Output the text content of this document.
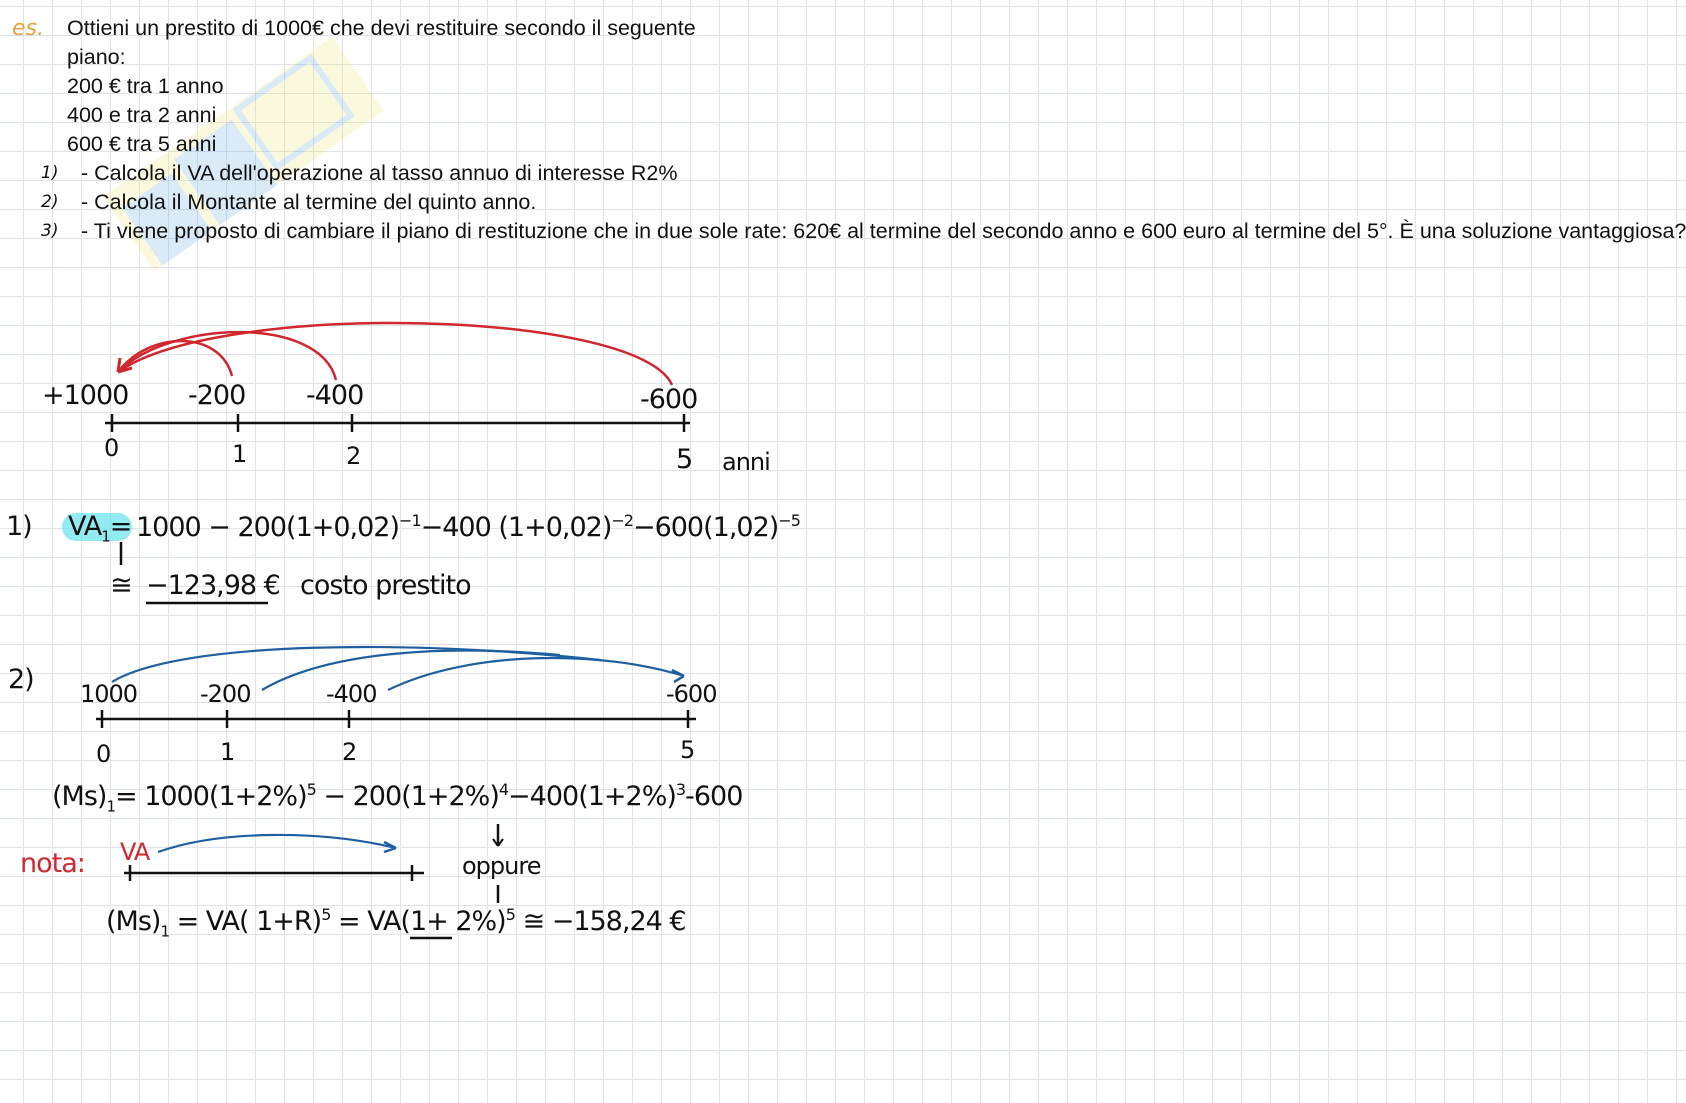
es. Ottieni un prestito di 1000€ che devi restituire secondo il seguente
piano:
200 € tra 1 anno
400 e tra 2 anni
600 € tra 5 anni
1) - Calcola il VA dell'operazione al tasso annuo di interesse R2%
2) - Calcola il Montante al termine del quinto anno.
3) - Ti viene proposto di cambiare il piano di restituzione che in due sole rate: 620€ al termine del secondo anno e 600 euro al termine del 5°. È una soluzione vantaggiosa?
+1000 -200 -400	-600
0	1	2	5 anni
1) $VA_1= 1000 - 200(1+0,02)^{-1}-400$ $(1+0,02)^{-2}-600(1,02)^{-5}$
≅ −123,98 € costo prestito
2) 1000	-200	-400	-600
0	1	2	5
$(Ms)_1= 1000(1+2\%)^5 - 200(1+2\%)^4-400(1+2\%)^3-600$
nota: VA	oppure
$(Ms)_1 = VA$( $1+R)^5 = VA(1+ 2\%)^5$ ≅ −158,24 €
